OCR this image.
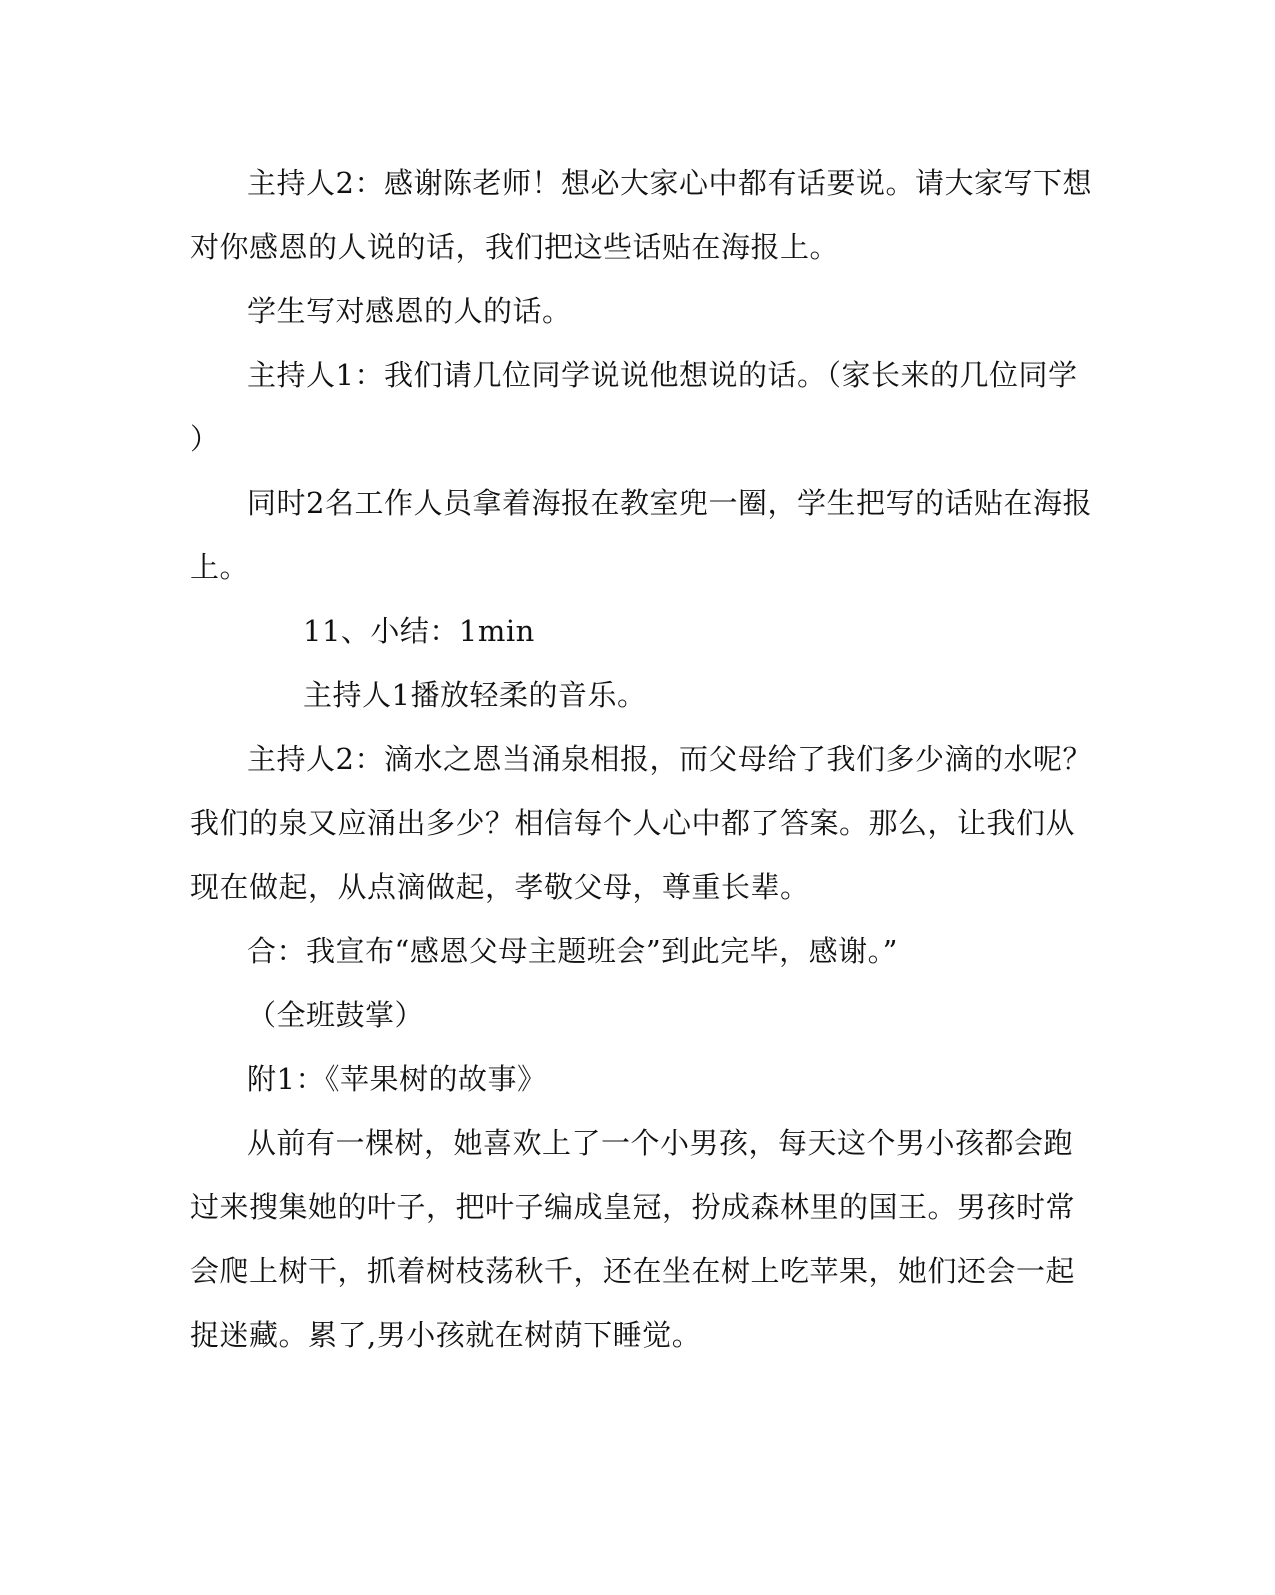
主持人2：感谢陈老师！想必大家心中都有话要说。请大家写下想
对你感恩的人说的话，我们把这些话贴在海报上。
学生写对感恩的人的话。
主持人1：我们请几位同学说说他想说的话。（家长来的几位同学
）
同时2名工作人员拿着海报在教室兜一圈，学生把写的话贴在海报
上。
11、小结：1min
主持人1播放轻柔的音乐。
主持人2：滴水之恩当涌泉相报，而父母给了我们多少滴的水呢？
我们的泉又应涌出多少？相信每个人心中都了答案。那么，让我们从
现在做起，从点滴做起，孝敬父母，尊重长辈。
合：我宣布“感恩父母主题班会”到此完毕，感谢。”
（全班鼓掌）
附1：《苹果树的故事》
从前有一棵树，她喜欢上了一个小男孩，每天这个男小孩都会跑
过来搜集她的叶子，把叶子编成皇冠，扮成森林里的国王。男孩时常
会爬上树干，抓着树枝荡秋千，还在坐在树上吃苹果，她们还会一起
捉迷藏。累了,男小孩就在树荫下睡觉。
